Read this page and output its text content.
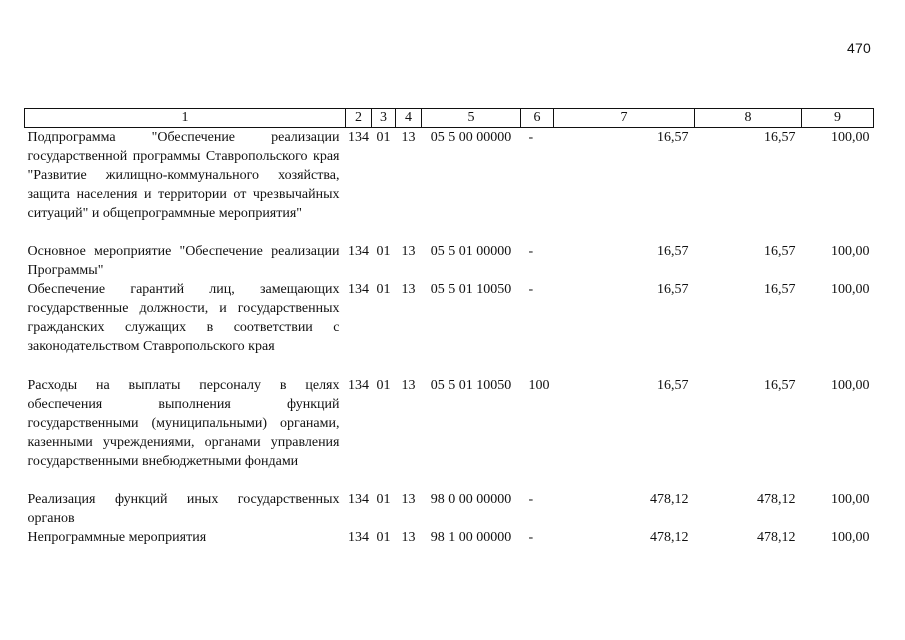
470
1	2	3	4	5	6	7	8	9
Подпрограмма "Обеспечение реализации государственной программы Ставропольского края "Развитие жилищно-коммунального хозяйства, защита населения и территории от чрезвычайных ситуаций" и общепрограммные мероприятия"	134	01	13	05 5 00 00000	-	16,57	16,57	100,00
Основное мероприятие "Обеспечение реализации Программы"	134	01	13	05 5 01 00000	-	16,57	16,57	100,00
Обеспечение гарантий лиц, замещающих государственные должности, и государственных гражданских служащих в соответствии с законодательством Ставропольского края	134	01	13	05 5 01 10050	-	16,57	16,57	100,00
Расходы на выплаты персоналу в целях обеспечения выполнения функций государственными (муниципальными) органами, казенными учреждениями, органами управления государственными внебюджетными фондами	134	01	13	05 5 01 10050	100	16,57	16,57	100,00
Реализация функций иных государственных органов	134	01	13	98 0 00 00000	-	478,12	478,12	100,00
Непрограммные мероприятия	134	01	13	98 1 00 00000	-	478,12	478,12	100,00
